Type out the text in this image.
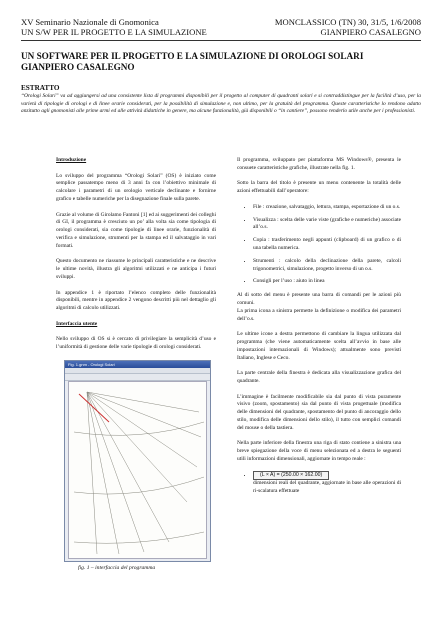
XV Seminario Nazionale di Gnomonica	MONCLASSICO (TN) 30, 31/5, 1/6/2008
UN S/W PER IL PROGETTO E LA SIMULAZIONE	GIANPIERO CASALEGNO
UN SOFTWARE PER IL PROGETTO E LA SIMULAZIONE DI OROLOGI SOLARI
GIANPIERO CASALEGNO
ESTRATTO
“Orologi Solari” va ad aggiungersi ad una consistente lista di programmi disponibili per il progetto al computer di quadranti solari e si contraddistingue per la facilità d’uso, per la varietà di tipologie di orologi e di linee orarie considerati, per la possibilità di simulazione e, non ultimo, per la gratuità del programma. Queste caratteristiche lo rendono adatto anzitutto agli gnomonisti alle prime armi ed alle attività didattiche in genere, ma alcune funzionalità, già disponibili o “in cantiere”, possono renderlo utile anche per i professionisti.
Introduzione

Lo sviluppo del programma “Orologi Solari” (OS) è iniziato come semplice passatempo meno di 3 anni fa con l’obiettivo minimale di calcolare i parametri di un orologio verticale declinante e fornirne grafico e tabelle numeriche per la disegnazione finale sulla parete.

Grazie al volume di Girolamo Fantoni [1] ed ai suggerimenti dei colleghi di GI, il programma è cresciuto un po’ alla volta sia come tipologia di orologi considerati, sia come tipologie di linee orarie, funzionalità di verifica e simulazione, strumenti per la stampa ed il salvataggio in vari formati.

Questo documento ne riassume le principali caratteristiche e ne descrive le ultime novità, illustra gli algoritmi utilizzati e ne anticipa i futuri sviluppi.

In appendice 1 è riportato l’elenco completo delle funzionalità disponibili, mentre in appendice 2 vengono descritti più nel dettaglio gli algoritmi di calcolo utilizzati.

Interfaccia utente

Nello sviluppo di OS si è cercato di privilegiare la semplicità d’uso e l’uniformità di gestione delle varie tipologie di orologi considerati.

Fig. 1.gnm - Orologi Solari
fig. 1 – interfaccia del programma

Il programma, sviluppato per piattaforma MS Windows®, presenta le consuete caratteristiche grafiche, illustrate nella fig. 1.

Sotto la barra del titolo è presente un menu contenente la totalità delle azioni effettuabili dall’operatore:

• File : creazione, salvataggio, lettura, stampa, esportazione di un o.s.
• Visualizza : scelta delle varie viste (grafiche e numeriche) associate all’o.s.
• Copia : trasferimento negli appunti (clipboard) di un grafico o di una tabella numerica.
• Strumenti : calcolo della declinazione della parete, calcoli trigonometrici, simulazione, progetto inverso di un o.s.
• Consigli per l’uso : aiuto in linea

Al di sotto del menu è presente una barra di comandi per le azioni più comuni.

La prima icona a sinistra permette la definizione o modifica dei parametri dell’o.s.

Le ultime icone a destra permettono di cambiare la lingua utilizzata dal programma (che viene automaticamente scelta all’avvio in base alle impostazioni internazionali di Windows); attualmente sono previsti Italiano, Inglese e Ceco.

La parte centrale della finestra è dedicata alla visualizzazione grafica del quadrante.

L’immagine è facilmente modificabile sia dal punto di vista puramente visivo (zoom, spostamento) sia dal punto di vista progettuale (modifica delle dimensioni del quadrante, spostamento del punto di ancoraggio dello stilo, modifica delle dimensioni dello stilo), il tutto con semplici comandi del mouse o della tastiera.

Nella parte inferiore della finestra una riga di stato contiene a sinistra una breve spiegazione della voce di menu selezionata ed a destra le seguenti utili informazioni dimensionali, aggiornate in tempo reale :

• (L × A) = (250.00 × 162.00)
dimensioni reali del quadrante, aggiornate in base alle operazioni di ri-scalatura effettuate
